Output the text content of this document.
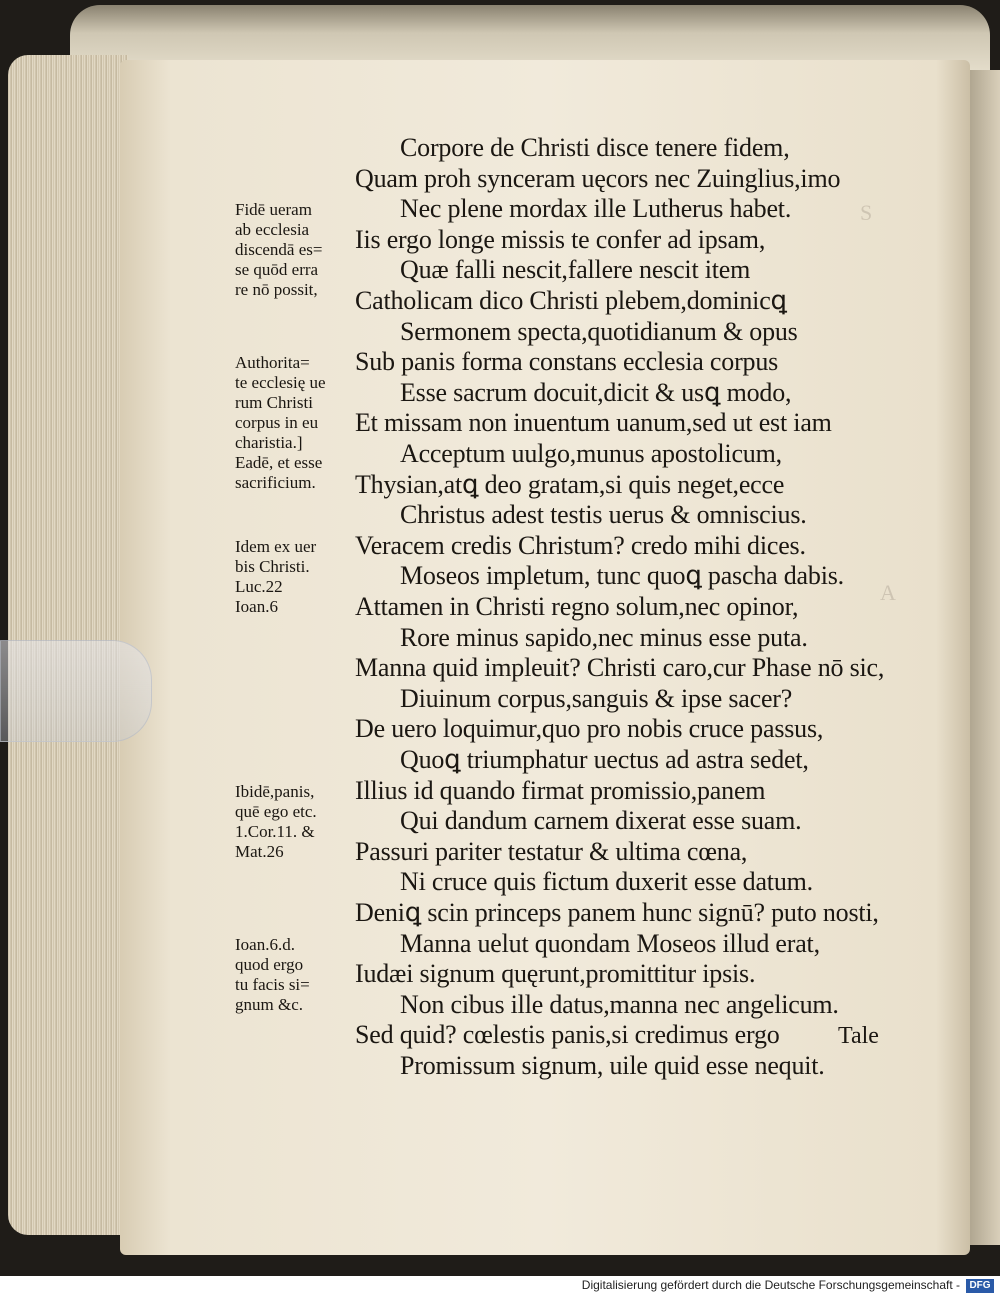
S
A
Corpore de Christi disce tenere fidem,
Quam proh synceram uęcors nec Zuinglius,imo
Nec plene mordax ille Lutherus habet.
Iis ergo longe missis te confer ad ipsam,
Quæ falli nescit,fallere nescit item
Catholicam dico Christi plebem,dominicꝗ
Sermonem specta,quotidianum & opus
Sub panis forma constans ecclesia corpus
Esse sacrum docuit,dicit & usꝗ modo,
Et missam non inuentum uanum,sed ut est iam
Acceptum uulgo,munus apostolicum,
Thysian,atꝗ deo gratam,si quis neget,ecce
Christus adest testis uerus & omniscius.
Veracem credis Christum? credo mihi dices.
Moseos impletum, tunc quoꝗ pascha dabis.
Attamen in Christi regno solum,nec opinor,
Rore minus sapido,nec minus esse puta.
Manna quid impleuit? Christi caro,cur Phase nō sic,
Diuinum corpus,sanguis & ipse sacer?
De uero loquimur,quo pro nobis cruce passus,
Quoꝗ triumphatur uectus ad astra sedet,
Illius id quando firmat promissio,panem
Qui dandum carnem dixerat esse suam.
Passuri pariter testatur & ultima cœna,
Ni cruce quis fictum duxerit esse datum.
Deniꝗ scin princeps panem hunc signū? puto nosti,
Manna uelut quondam Moseos illud erat,
Iudæi signum quęrunt,promittitur ipsis.
Non cibus ille datus,manna nec angelicum.
Sed quid? cœlestis panis,si credimus ergo
Promissum signum, uile quid esse nequit.
Fidē ueram
ab ecclesia
discendā es=
se quōd erra
re nō possit,
Authorita=
te ecclesię ue
rum Christi
corpus in eu
charistia.]
Eadē, et esse
sacrificium.
Idem ex uer
bis Christi.
Luc.22
Ioan.6
Ibidē,panis,
quē ego etc.
1.Cor.11. &
Mat.26
Ioan.6.d.
quod ergo
tu facis si=
gnum &c.
Tale
Digitalisierung gefördert durch die Deutsche Forschungsgemeinschaft - DFG
